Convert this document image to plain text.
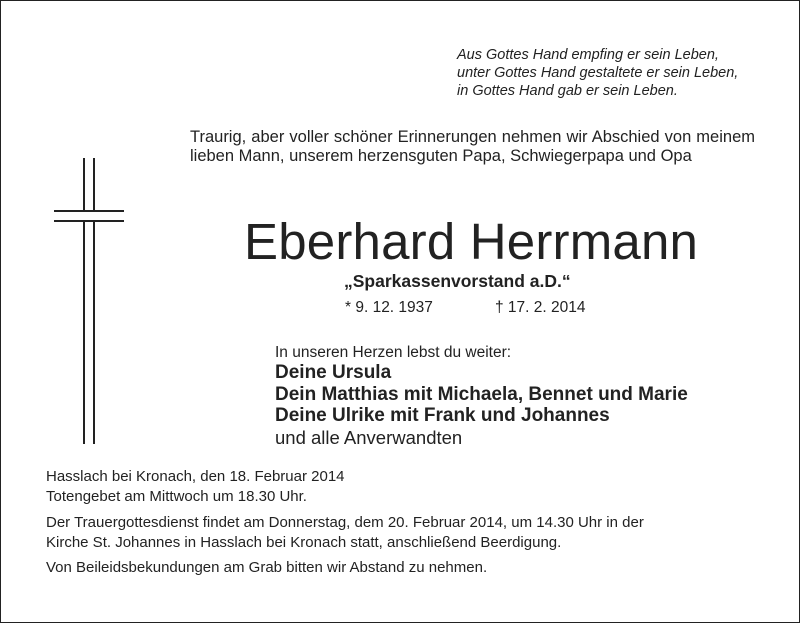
Aus Gottes Hand empfing er sein Leben,
unter Gottes Hand gestaltete er sein Leben,
in Gottes Hand gab er sein Leben.
Traurig, aber voller schöner Erinnerungen nehmen wir Abschied von meinem lieben Mann, unserem herzensguten Papa, Schwiegerpapa und Opa
Eberhard Herrmann
„Sparkassenvorstand a.D.“
* 9. 12. 1937	† 17. 2. 2014
In unseren Herzen lebst du weiter:
Deine Ursula
Dein Matthias mit Michaela, Bennet und Marie
Deine Ulrike mit Frank und Johannes
und alle Anverwandten

Hasslach bei Kronach, den 18. Februar 2014

Totengebet am Mittwoch um 18.30 Uhr.

Der Trauergottesdienst findet am Donnerstag, dem 20. Februar 2014, um 14.30 Uhr in der

Kirche St. Johannes in Hasslach bei Kronach statt, anschließend Beerdigung.

Von Beileidsbekundungen am Grab bitten wir Abstand zu nehmen.
